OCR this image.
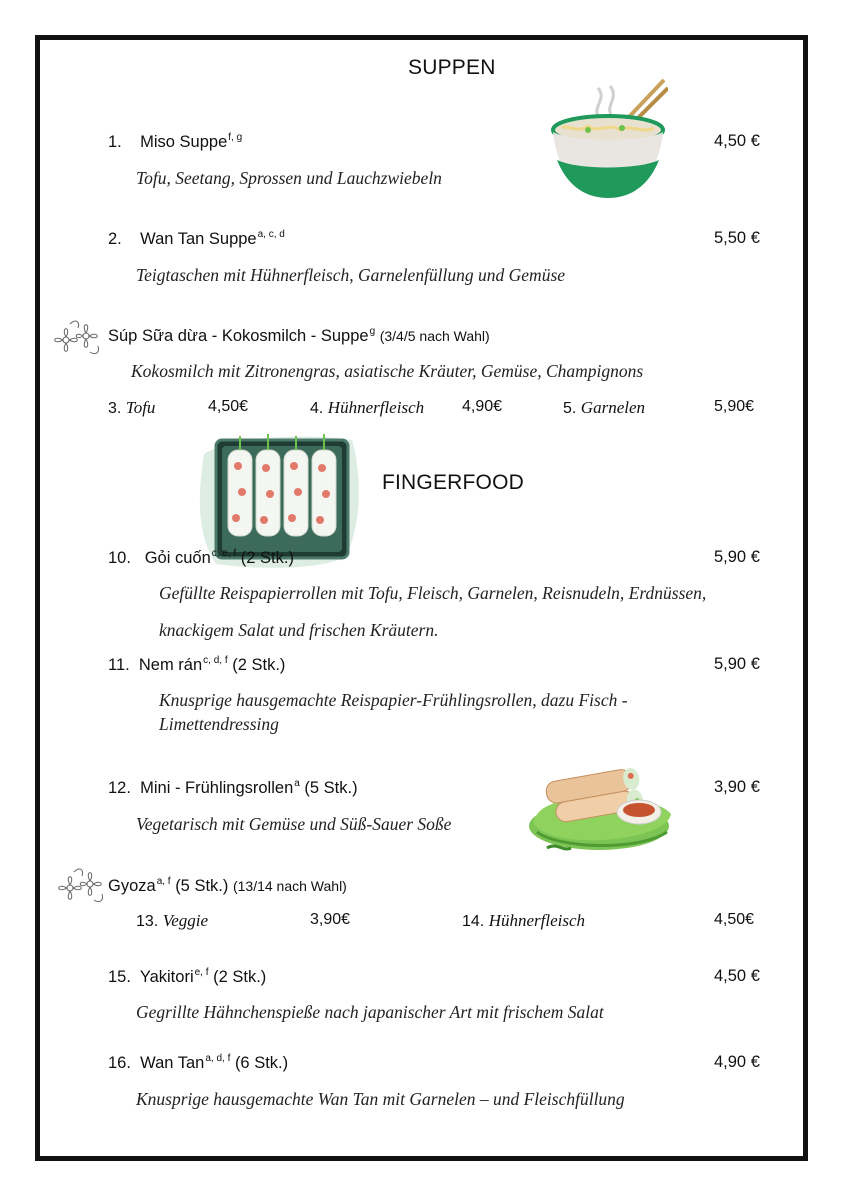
SUPPEN
1. Miso Suppe$^{f, g}$	4,50 €
Tofu, Seetang, Sprossen und Lauchzwiebeln
2. Wan Tan Suppe$^{a, c, d}$	5,50 €
Teigtaschen mit Hühnerfleisch, Garnelenfüllung und Gemüse
Súp Sữa dừa - Kokosmilch - Suppe$^g$ (3/4/5 nach Wahl)
Kokosmilch mit Zitronengras, asiatische Kräuter, Gemüse, Champignons
3. Tofu	4,50€	4. Hühnerfleisch 4,90€	5. Garnelen	5,90€
FINGERFOOD
10. Gỏi cuốn$^{c, e, f}$ (2 Stk.)	5,90 €
Gefüllte Reispapierrollen mit Tofu, Fleisch, Garnelen, Reisnudeln, Erdnüssen,
knackigem Salat und frischen Kräutern.
11. Nem rán$^{c, d, f}$ (2 Stk.)	5,90 €
Knusprige hausgemachte Reispapier-Frühlingsrollen, dazu Fisch -
Limettendressing
12. Mini - Frühlingsrollen$^a$ (5 Stk.)	3,90 €
Vegetarisch mit Gemüse und Süß-Sauer Soße
Gyoza$^{a, f}$ (5 Stk.) (13/14 nach Wahl)
13. Veggie	3,90€	14. Hühnerfleisch	4,50€
15. Yakitori$^{e, f}$ (2 Stk.)	4,50 €
Gegrillte Hähnchenspieße nach japanischer Art mit frischem Salat
16. Wan Tan$^{a, d, f}$ (6 Stk.)	4,90 €
Knusprige hausgemachte Wan Tan mit Garnelen – und Fleischfüllung
